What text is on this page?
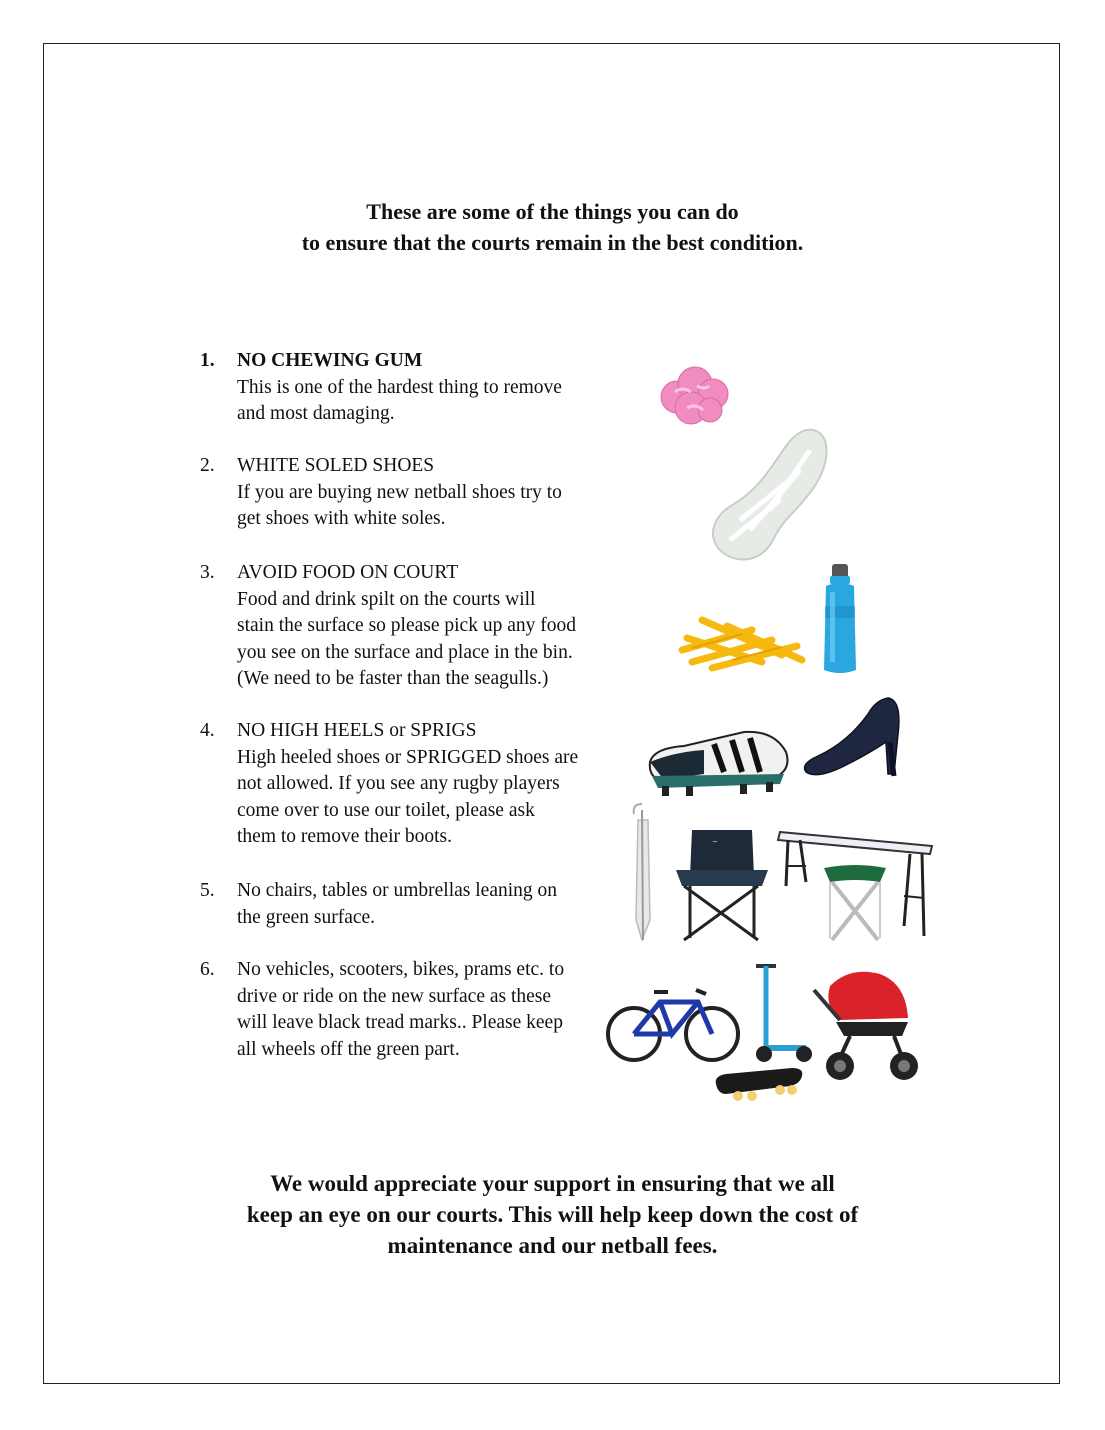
These are some of the things you can do
to ensure that the courts remain in the best condition.
1.	NO CHEWING GUM
This is one of the hardest thing to remove
and most damaging.
2.	WHITE SOLED SHOES
If you are buying new netball shoes try to
get shoes with white soles.
3.	AVOID FOOD ON COURT
Food and drink spilt on the courts will
stain the surface so please pick up any food
you see on the surface and place in the bin.
(We need to be faster than the seagulls.)
4.	NO HIGH HEELS or SPRIGS
High heeled shoes or SPRIGGED shoes are
not allowed. If you see any rugby players
come over to use our toilet, please ask
them to remove their boots.
5.	No chairs, tables or umbrellas leaning on
the green surface.
6.	No vehicles, scooters, bikes, prams etc. to
drive or ride on the new surface as these
will leave black tread marks.. Please keep
all wheels off the green part.
~
We would appreciate your support in ensuring that we all
keep an eye on our courts. This will help keep down the cost of
maintenance and our netball fees.
